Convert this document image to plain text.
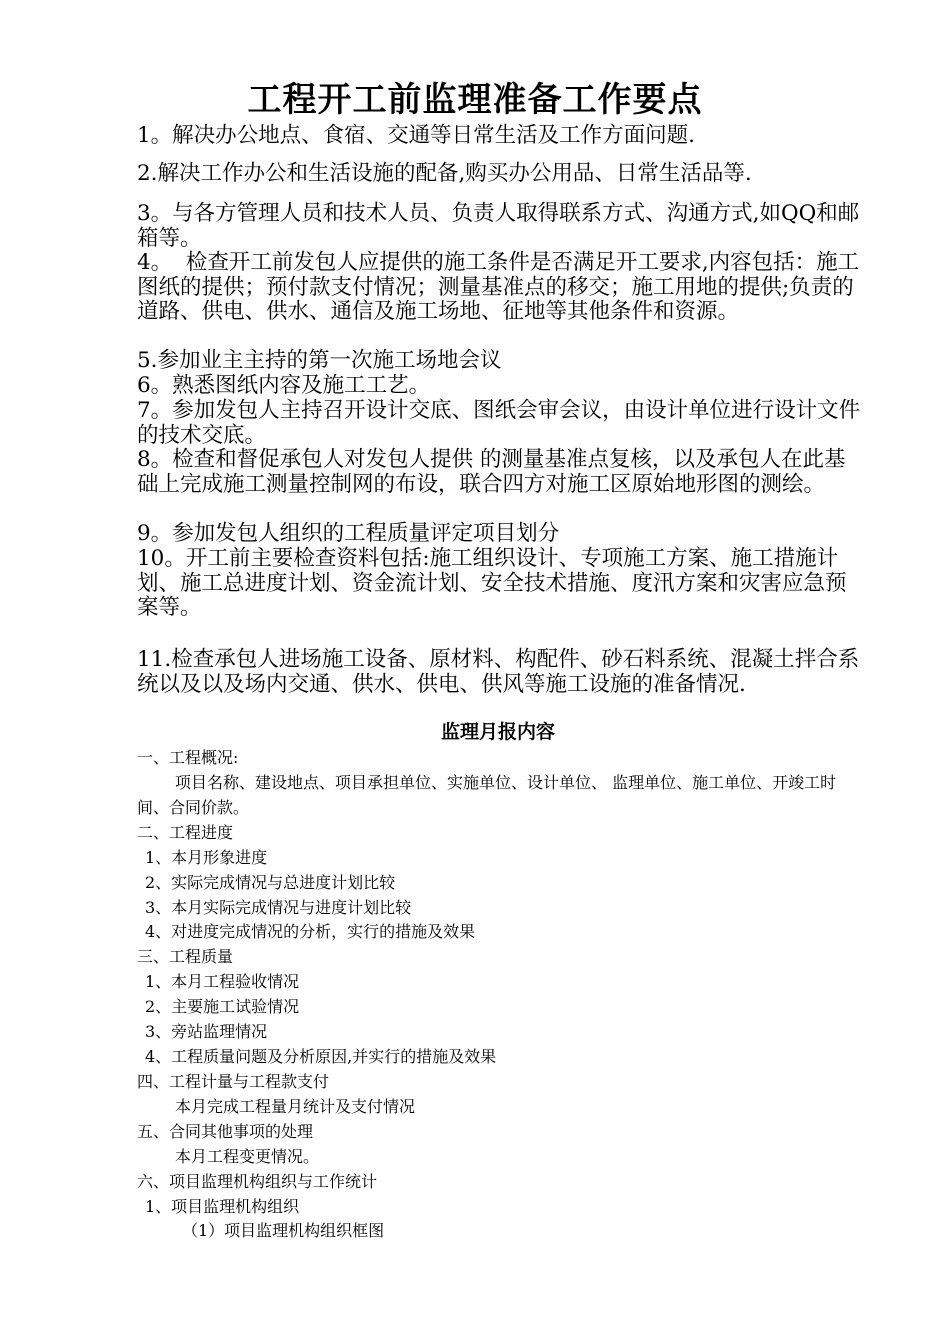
工程开工前监理准备工作要点
1。解决办公地点、食宿、交通等日常生活及工作方面问题.
2.解决工作办公和生活设施的配备,购买办公用品、日常生活品等.
3。与各方管理人员和技术人员、负责人取得联系方式、沟通方式,如QQ和邮箱等。
4。  检查开工前发包人应提供的施工条件是否满足开工要求,内容包括：施工图纸的提供；预付款支付情况；测量基准点的移交；施工用地的提供;负责的道路、供电、供水、通信及施工场地、征地等其他条件和资源。
5.参加业主主持的第一次施工场地会议
6。熟悉图纸内容及施工工艺。
7。参加发包人主持召开设计交底、图纸会审会议，由设计单位进行设计文件的技术交底。
8。检查和督促承包人对发包人提供 的测量基准点复核，以及承包人在此基础上完成施工测量控制网的布设，联合四方对施工区原始地形图的测绘。
9。参加发包人组织的工程质量评定项目划分
10。开工前主要检查资料包括:施工组织设计、专项施工方案、施工措施计划、施工总进度计划、资金流计划、安全技术措施、度汛方案和灾害应急预案等。
11.检查承包人进场施工设备、原材料、构配件、砂石料系统、混凝土拌合系统以及以及场内交通、供水、供电、供风等施工设施的准备情况.
监理月报内容
一、工程概况:
项目名称、建设地点、项目承担单位、实施单位、设计单位、 监理单位、施工单位、开竣工时间、合同价款。
二、工程进度
1、本月形象进度
2、实际完成情况与总进度计划比较
3、本月实际完成情况与进度计划比较
4、对进度完成情况的分析，实行的措施及效果
三、工程质量
1、本月工程验收情况
2、主要施工试验情况
3、旁站监理情况
4、工程质量问题及分析原因,并实行的措施及效果
四、工程计量与工程款支付
本月完成工程量月统计及支付情况
五、合同其他事项的处理
本月工程变更情况。
六、项目监理机构组织与工作统计
1、项目监理机构组织
（1）项目监理机构组织框图
